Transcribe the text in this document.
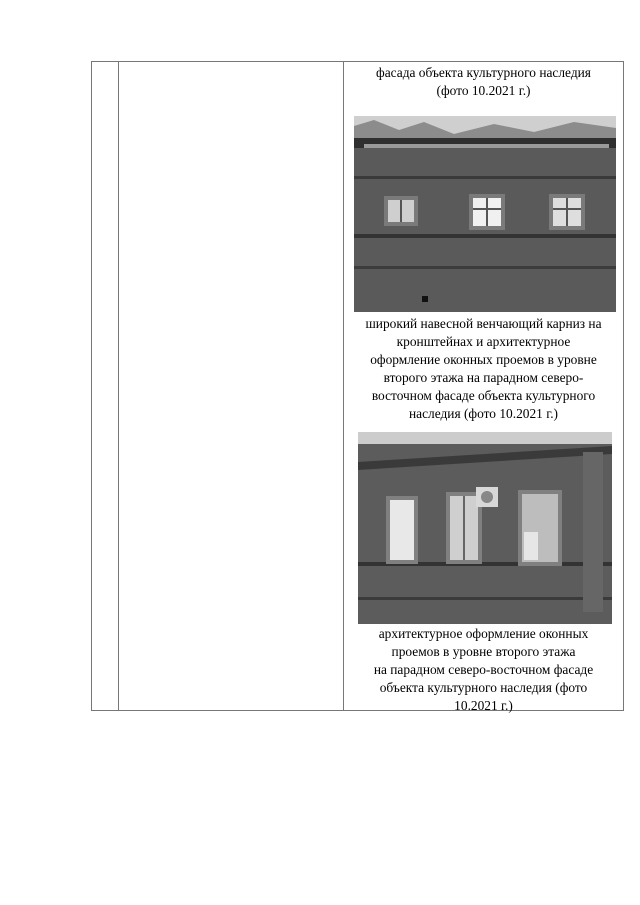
фасада объекта культурного наследия
(фото 10.2021 г.)
широкий навесной венчающий карниз на
кронштейнах и архитектурное
оформление оконных проемов в уровне
второго этажа на парадном северо-
восточном фасаде объекта культурного
наследия (фото 10.2021 г.)
архитектурное оформление оконных
проемов в уровне второго этажа
на парадном северо-восточном фасаде
объекта культурного наследия (фото
10.2021 г.)
